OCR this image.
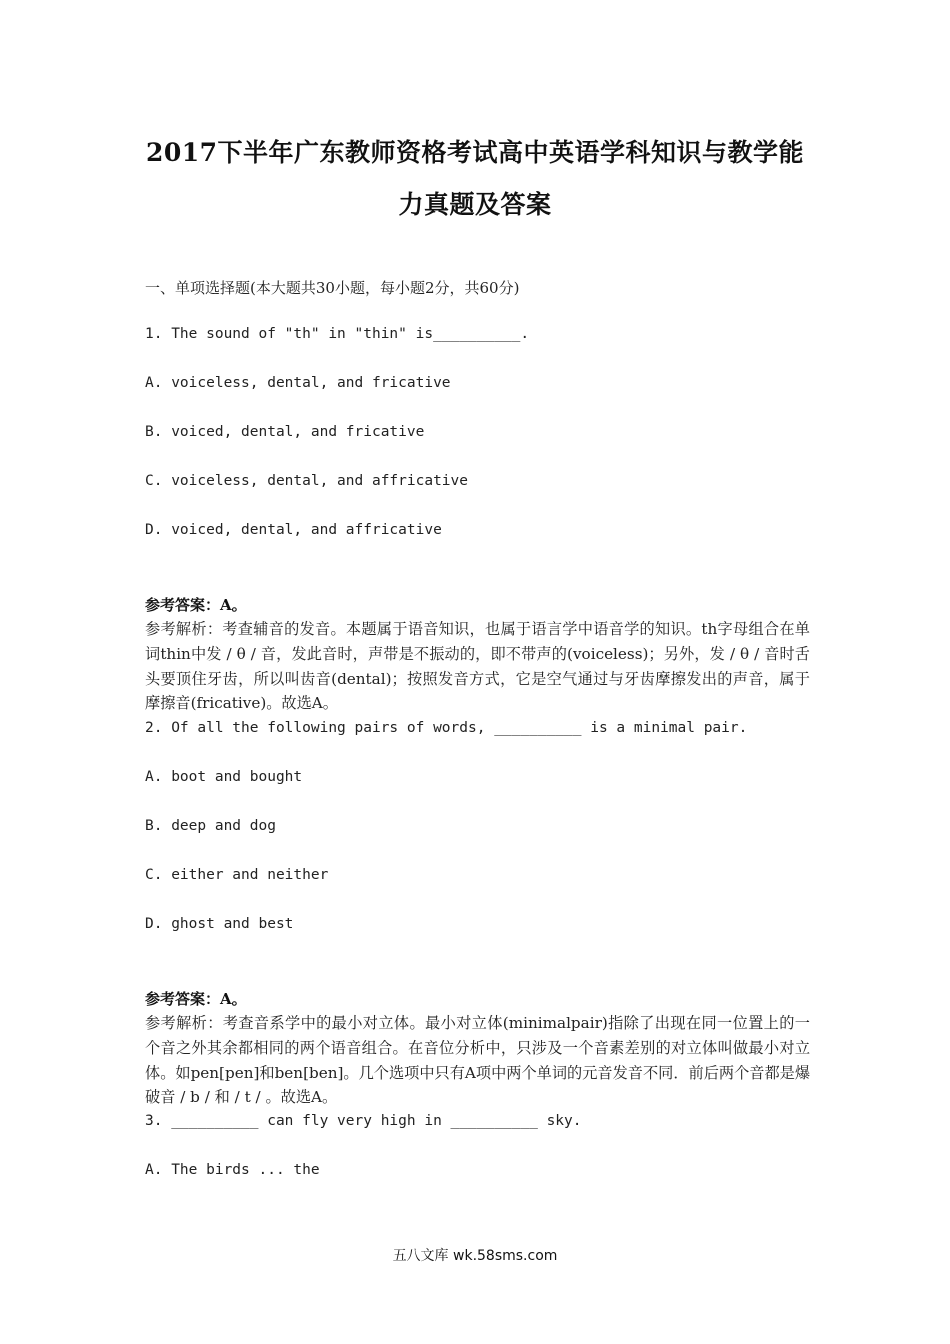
2017下半年广东教师资格考试高中英语学科知识与教学能
力真题及答案
一、单项选择题(本大题共30小题，每小题2分，共60分)
1. The sound of "th" in "thin" is__________.
A. voiceless, dental, and fricative
B. voiced, dental, and fricative
C. voiceless, dental, and affricative
D. voiced, dental, and affricative
参考答案：A。
参考解析：考查辅音的发音。本题属于语音知识，也属于语言学中语音学的知识。th字母组合在单词thin中发 / θ / 音，发此音时，声带是不振动的，即不带声的(voiceless)；另外，发 / θ / 音时舌头要顶住牙齿，所以叫齿音(dental)；按照发音方式，它是空气通过与牙齿摩擦发出的声音，属于摩擦音(fricative)。故选A。
2. Of all the following pairs of words, __________ is a minimal pair.
A. boot and bought
B. deep and dog
C. either and neither
D. ghost and best
参考答案：A。
参考解析：考查音系学中的最小对立体。最小对立体(minimalpair)指除了出现在同一位置上的一个音之外其余都相同的两个语音组合。在音位分析中，只涉及一个音素差别的对立体叫做最小对立体。如pen[pen]和ben[ben]。几个选项中只有A项中两个单词的元音发音不同．前后两个音都是爆破音 / b / 和 / t / 。故选A。
3. __________ can fly very high in __________ sky.
A. The birds ... the
五八文库 wk.58sms.com
